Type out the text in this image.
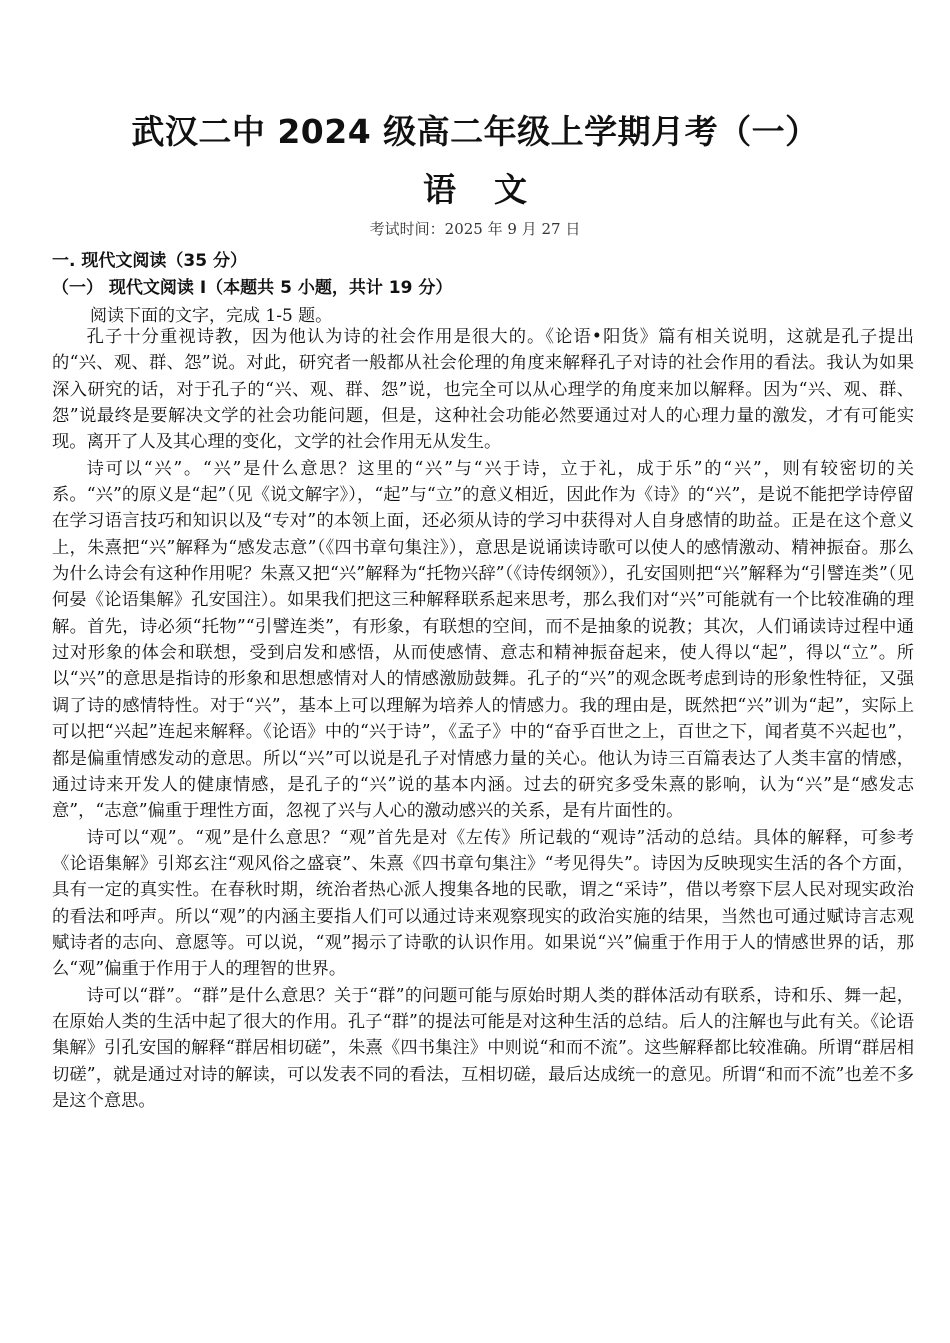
武汉二中 2024 级高二年级上学期月考（一）
语文
考试时间：2025 年 9 月 27 日
一. 现代文阅读（35 分）
（一） 现代文阅读 I（本题共 5 小题，共计 19 分）
阅读下面的文字，完成 1-5 题。

孔子十分重视诗教，因为他认为诗的社会作用是很大的。《论语•阳货》篇有相关说明，这就是孔子提出的“兴、观、群、怨”说。对此，研究者一般都从社会伦理的角度来解释孔子对诗的社会作用的看法。我认为如果深入研究的话，对于孔子的“兴、观、群、怨”说，也完全可以从心理学的角度来加以解释。因为“兴、观、群、怨”说最终是要解决文学的社会功能问题，但是，这种社会功能必然要通过对人的心理力量的激发，才有可能实现。离开了人及其心理的变化，文学的社会作用无从发生。

诗可以“兴”。“兴”是什么意思？这里的“兴”与“兴于诗，立于礼，成于乐”的“兴”，则有较密切的关系。“兴”的原义是“起”（见《说文解字》），“起”与“立”的意义相近，因此作为《诗》的“兴”，是说不能把学诗停留在学习语言技巧和知识以及“专对”的本领上面，还必须从诗的学习中获得对人自身感情的助益。正是在这个意义上，朱熹把“兴”解释为“感发志意”（《四书章句集注》），意思是说诵读诗歌可以使人的感情激动、精神振奋。那么为什么诗会有这种作用呢？朱熹又把“兴”解释为“托物兴辞”（《诗传纲领》），孔安国则把“兴”解释为“引譬连类”（见何晏《论语集解》孔安国注）。如果我们把这三种解释联系起来思考，那么我们对“兴”可能就有一个比较准确的理解。首先，诗必须“托物”“引譬连类”，有形象，有联想的空间，而不是抽象的说教；其次，人们诵读诗过程中通过对形象的体会和联想，受到启发和感悟，从而使感情、意志和精神振奋起来，使人得以“起”，得以“立”。所以“兴”的意思是指诗的形象和思想感情对人的情感激励鼓舞。孔子的“兴”的观念既考虑到诗的形象性特征，又强调了诗的感情特性。对于“兴”，基本上可以理解为培养人的情感力。我的理由是，既然把“兴”训为“起”，实际上可以把“兴起”连起来解释。《论语》中的“兴于诗”，《孟子》中的“奋乎百世之上，百世之下，闻者莫不兴起也”，都是偏重情感发动的意思。所以“兴”可以说是孔子对情感力量的关心。他认为诗三百篇表达了人类丰富的情感，通过诗来开发人的健康情感，是孔子的“兴”说的基本内涵。过去的研究多受朱熹的影响，认为“兴”是“感发志意”，“志意”偏重于理性方面，忽视了兴与人心的激动感兴的关系，是有片面性的。

诗可以“观”。“观”是什么意思？“观”首先是对《左传》所记载的“观诗”活动的总结。具体的解释，可参考《论语集解》引郑玄注“观风俗之盛衰”、朱熹《四书章句集注》“考见得失”。诗因为反映现实生活的各个方面，具有一定的真实性。在春秋时期，统治者热心派人搜集各地的民歌，谓之“采诗”，借以考察下层人民对现实政治的看法和呼声。所以“观”的内涵主要指人们可以通过诗来观察现实的政治实施的结果，当然也可通过赋诗言志观赋诗者的志向、意愿等。可以说，“观”揭示了诗歌的认识作用。如果说“兴”偏重于作用于人的情感世界的话，那么“观”偏重于作用于人的理智的世界。

诗可以“群”。“群”是什么意思？关于“群”的问题可能与原始时期人类的群体活动有联系，诗和乐、舞一起，在原始人类的生活中起了很大的作用。孔子“群”的提法可能是对这种生活的总结。后人的注解也与此有关。《论语集解》引孔安国的解释“群居相切磋”，朱熹《四书集注》中则说“和而不流”。这些解释都比较准确。所谓“群居相切磋”，就是通过对诗的解读，可以发表不同的看法，互相切磋，最后达成统一的意见。所谓“和而不流”也差不多是这个意思。
